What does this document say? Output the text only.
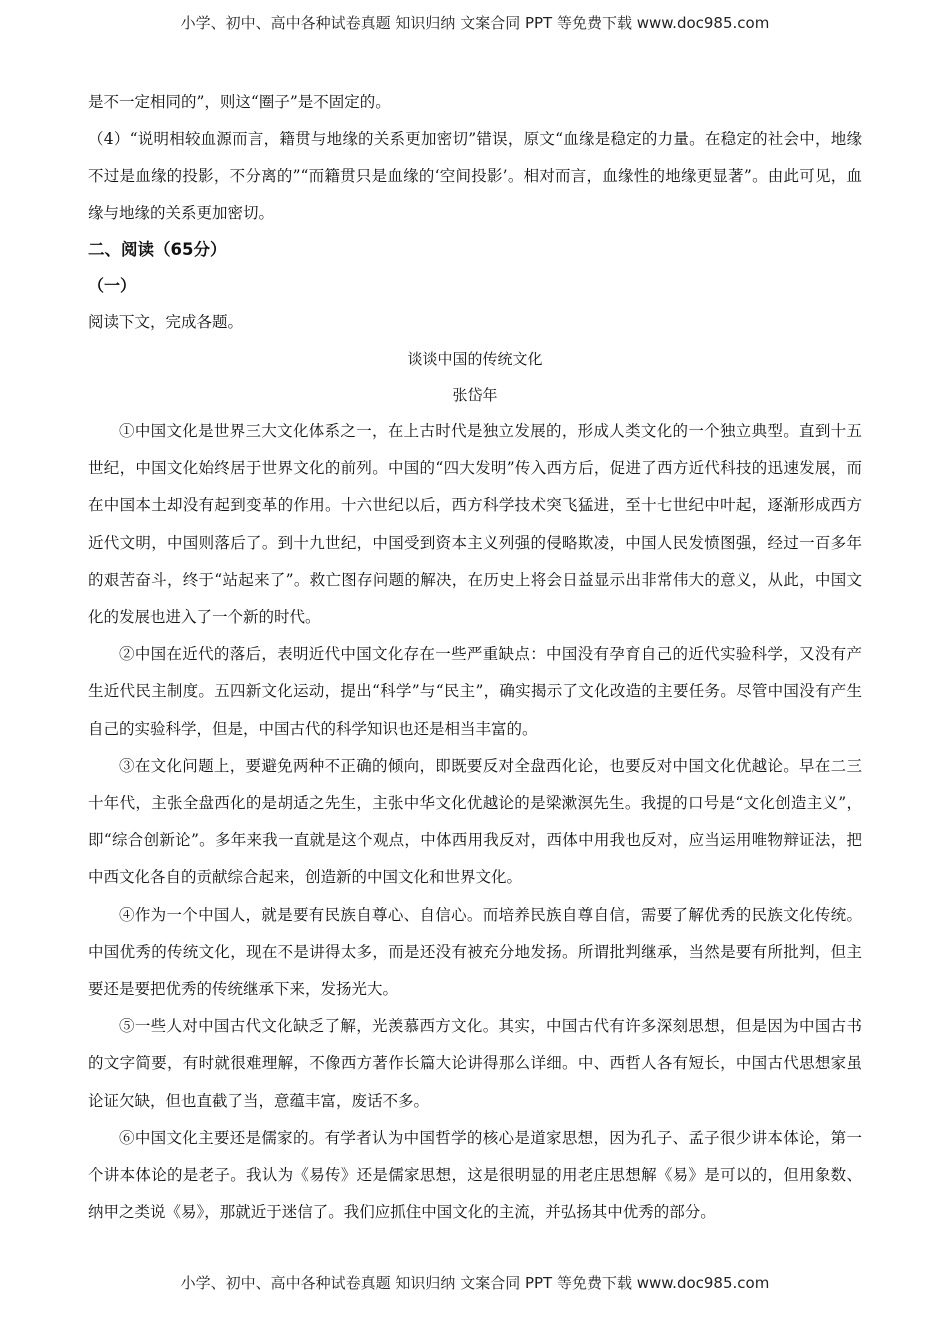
小学、初中、高中各种试卷真题 知识归纳 文案合同 PPT 等免费下载 www.doc985.com

是不一定相同的”，则这“圈子”是不固定的。

（4）“说明相较血源而言，籍贯与地缘的关系更加密切”错误，原文“血缘是稳定的力量。在稳定的社会中，地缘不过是血缘的投影，不分离的”“而籍贯只是血缘的‘空间投影’。相对而言，血缘性的地缘更显著”。由此可见，血缘与地缘的关系更加密切。

二、阅读（65分）

（一）

阅读下文，完成各题。

谈谈中国的传统文化

张岱年

①中国文化是世界三大文化体系之一，在上古时代是独立发展的，形成人类文化的一个独立典型。直到十五世纪，中国文化始终居于世界文化的前列。中国的“四大发明”传入西方后，促进了西方近代科技的迅速发展，而在中国本土却没有起到变革的作用。十六世纪以后，西方科学技术突飞猛进，至十七世纪中叶起，逐渐形成西方近代文明，中国则落后了。到十九世纪，中国受到资本主义列强的侵略欺凌，中国人民发愤图强，经过一百多年的艰苦奋斗，终于“站起来了”。救亡图存问题的解决，在历史上将会日益显示出非常伟大的意义，从此，中国文化的发展也进入了一个新的时代。

②中国在近代的落后，表明近代中国文化存在一些严重缺点：中国没有孕育自己的近代实验科学，又没有产生近代民主制度。五四新文化运动，提出“科学”与“民主”，确实揭示了文化改造的主要任务。尽管中国没有产生自己的实验科学，但是，中国古代的科学知识也还是相当丰富的。

③在文化问题上，要避免两种不正确的倾向，即既要反对全盘西化论，也要反对中国文化优越论。早在二三十年代，主张全盘西化的是胡适之先生，主张中华文化优越论的是梁漱溟先生。我提的口号是“文化创造主义”，即“综合创新论”。多年来我一直就是这个观点，中体西用我反对，西体中用我也反对，应当运用唯物辩证法，把中西文化各自的贡献综合起来，创造新的中国文化和世界文化。

④作为一个中国人，就是要有民族自尊心、自信心。而培养民族自尊自信，需要了解优秀的民族文化传统。中国优秀的传统文化，现在不是讲得太多，而是还没有被充分地发扬。所谓批判继承，当然是要有所批判，但主要还是要把优秀的传统继承下来，发扬光大。

⑤一些人对中国古代文化缺乏了解，光羡慕西方文化。其实，中国古代有许多深刻思想，但是因为中国古书的文字简要，有时就很难理解，不像西方著作长篇大论讲得那么详细。中、西哲人各有短长，中国古代思想家虽论证欠缺，但也直截了当，意蕴丰富，废话不多。

⑥中国文化主要还是儒家的。有学者认为中国哲学的核心是道家思想，因为孔子、孟子很少讲本体论，第一个讲本体论的是老子。我认为《易传》还是儒家思想，这是很明显的用老庄思想解《易》是可以的，但用象数、纳甲之类说《易》，那就近于迷信了。我们应抓住中国文化的主流，并弘扬其中优秀的部分。

小学、初中、高中各种试卷真题 知识归纳 文案合同 PPT 等免费下载 www.doc985.com
